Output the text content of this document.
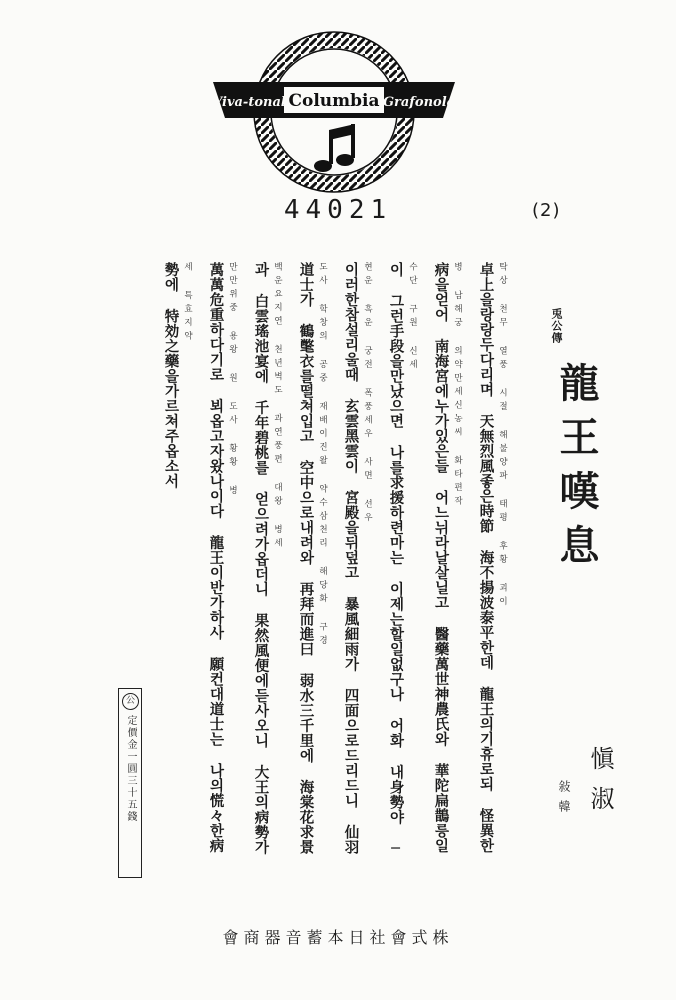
Viva-tonal Columbia Grafonola
44021	(2)
兎公傳
龍王嘆息
愼淑
敍韓
탁상 천무 열풍 시절 해불양파 태평 후황 괴이
卓上을랑랑두다리며 天無烈風좋은時節 海不揚波泰平한데 龍王의기휴로되 怪異한
병 남해궁 의약만세신농씨 화타편작
病을얻어 南海宮에누가있은들 어느뉘라날살닐고 醫藥萬世神農氏와 華陀扁鵲릉일
수단 구원 신세
이 그런手段을만났으면 나를求援하련마는 이제는할일없구나 어화 내身勢야 ─
현운 흑운 궁전 폭풍세우 사면 선우
이러한참설리울때 玄雲黑雲이 宮殿을뒤덮고 暴風細雨가 四面으로드리드니 仙羽
도사 학창의 공중 재배이진왈 약수삼천리 해당화 구경
道士가 鶴氅衣를떨쳐입고 空中으로내려와 再拜而進曰 弱水三千里에 海棠花求景
백운요지연 천년벽도 과연풍편 대왕 병세
과 白雲瑤池宴에 千年碧桃를 얻으려가옵더니 果然風便에듣사오니 大王의病勢가
만만위중 용왕 원 도사 황황 병
萬萬危重하다기로 뵈옵고자왔나이다 龍王이반가하사 願컨대道士는 나의慌々한病
세 특효지약
勢에 特効之藥을가르쳐주옵소서
公
定價金一圓三十五錢
會商器音蓄本日社會式株
